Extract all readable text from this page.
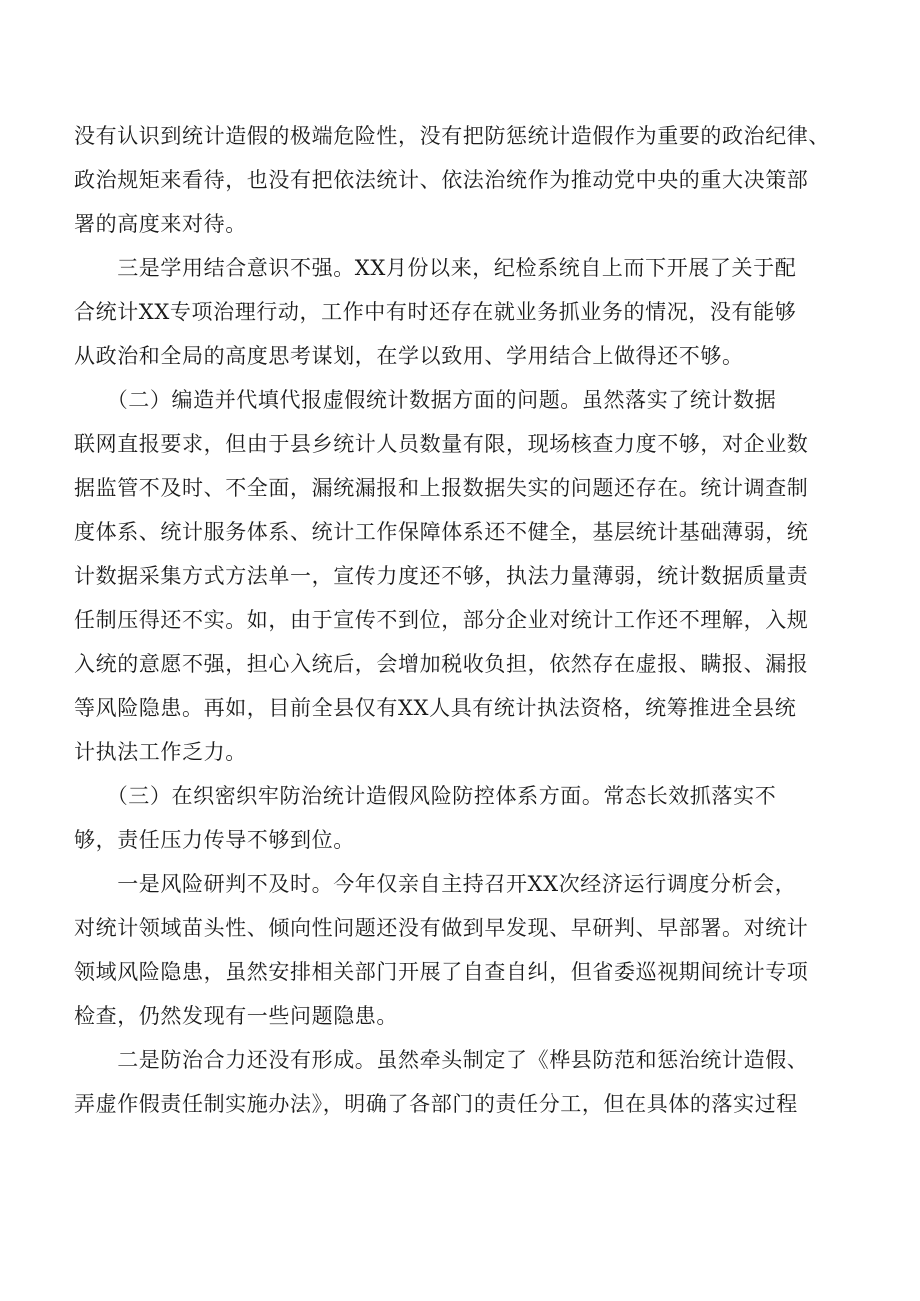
没有认识到统计造假的极端危险性，没有把防惩统计造假作为重要的政治纪律、
政治规矩来看待，也没有把依法统计、依法治统作为推动党中央的重大决策部
署的高度来对待。
　　三是学用结合意识不强。XX月份以来，纪检系统自上而下开展了关于配
合统计XX专项治理行动，工作中有时还存在就业务抓业务的情况，没有能够
从政治和全局的高度思考谋划，在学以致用、学用结合上做得还不够。
　　（二）编造并代填代报虚假统计数据方面的问题。虽然落实了统计数据
联网直报要求，但由于县乡统计人员数量有限，现场核查力度不够，对企业数
据监管不及时、不全面，漏统漏报和上报数据失实的问题还存在。统计调查制
度体系、统计服务体系、统计工作保障体系还不健全，基层统计基础薄弱，统
计数据采集方式方法单一，宣传力度还不够，执法力量薄弱，统计数据质量责
任制压得还不实。如，由于宣传不到位，部分企业对统计工作还不理解，入规
入统的意愿不强，担心入统后，会增加税收负担，依然存在虚报、瞒报、漏报
等风险隐患。再如，目前全县仅有XX人具有统计执法资格，统筹推进全县统
计执法工作乏力。
　　（三）在织密织牢防治统计造假风险防控体系方面。常态长效抓落实不
够，责任压力传导不够到位。
　　一是风险研判不及时。今年仅亲自主持召开XX次经济运行调度分析会，
对统计领域苗头性、倾向性问题还没有做到早发现、早研判、早部署。对统计
领域风险隐患，虽然安排相关部门开展了自查自纠，但省委巡视期间统计专项
检查，仍然发现有一些问题隐患。
　　二是防治合力还没有形成。虽然牵头制定了《桦县防范和惩治统计造假、
弄虚作假责任制实施办法》，明确了各部门的责任分工，但在具体的落实过程
